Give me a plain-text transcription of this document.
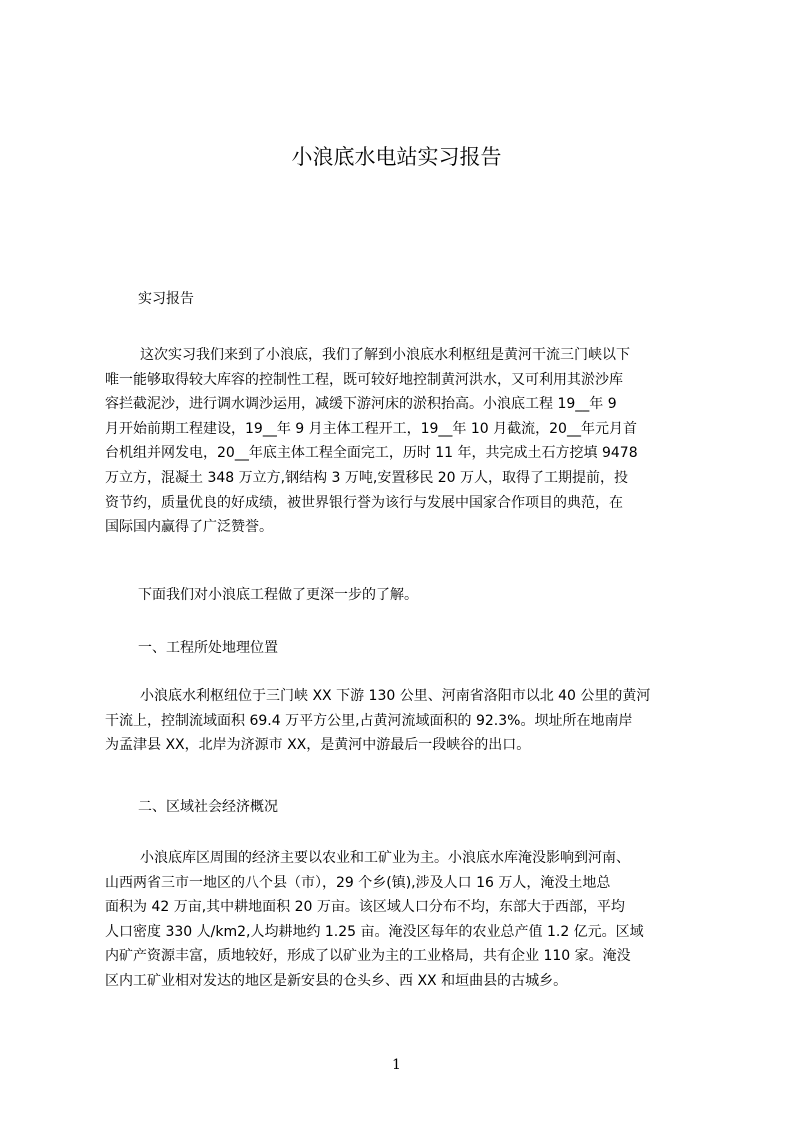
小浪底水电站实习报告
实习报告
这次实习我们来到了小浪底，我们了解到小浪底水利枢纽是黄河干流三门峡以下
唯一能够取得较大库容的控制性工程，既可较好地控制黄河洪水，又可利用其淤沙库
容拦截泥沙，进行调水调沙运用，减缓下游河床的淤积抬高。小浪底工程 19__年 9
月开始前期工程建设，19__年 9 月主体工程开工，19__年 10 月截流，20__年元月首
台机组并网发电，20__年底主体工程全面完工，历时 11 年，共完成土石方挖填 9478
万立方，混凝土 348 万立方,钢结构 3 万吨,安置移民 20 万人，取得了工期提前，投
资节约，质量优良的好成绩，被世界银行誉为该行与发展中国家合作项目的典范，在
国际国内赢得了广泛赞誉。
下面我们对小浪底工程做了更深一步的了解。
一、工程所处地理位置
小浪底水利枢纽位于三门峡 XX 下游 130 公里、河南省洛阳市以北 40 公里的黄河
干流上，控制流域面积 69.4 万平方公里,占黄河流域面积的 92.3%。坝址所在地南岸
为孟津县 XX，北岸为济源市 XX，是黄河中游最后一段峡谷的出口。
二、区域社会经济概况
小浪底库区周围的经济主要以农业和工矿业为主。小浪底水库淹没影响到河南、
山西两省三市一地区的八个县（市），29 个乡(镇),涉及人口 16 万人，淹没土地总
面积为 42 万亩,其中耕地面积 20 万亩。该区域人口分布不均，东部大于西部，平均
人口密度 330 人/km2,人均耕地约 1.25 亩。淹没区每年的农业总产值 1.2 亿元。区域
内矿产资源丰富，质地较好，形成了以矿业为主的工业格局，共有企业 110 家。淹没
区内工矿业相对发达的地区是新安县的仓头乡、西 XX 和垣曲县的古城乡。
1
